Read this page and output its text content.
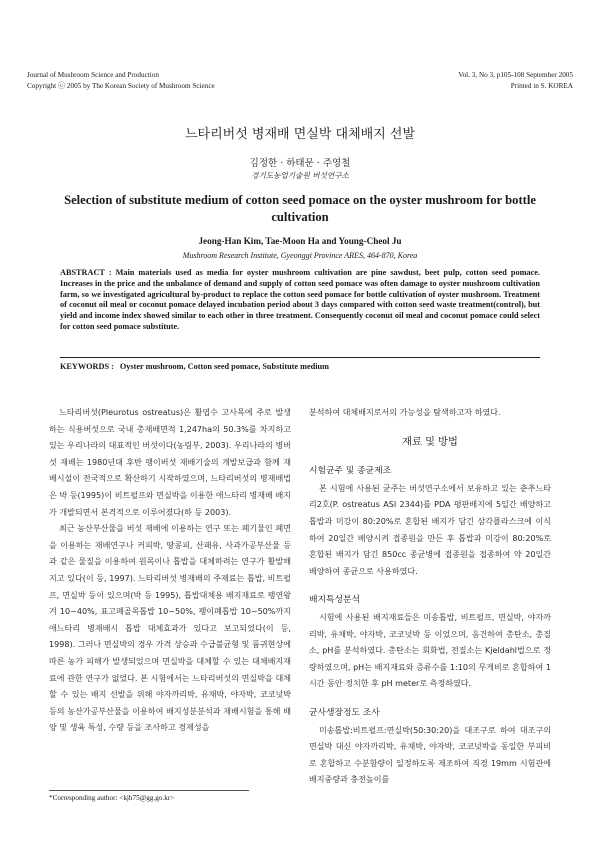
Journal of Mushroom Science and Production
Copyright ⓒ 2005 by The Korean Society of Mushroom Science
Vol. 3, No 3, p105-108 September 2005
Printed in S. KOREA
느타리버섯 병재배 면실박 대체배지 선발
김정한 · 하태문 · 주영철
경기도농업기술원 버섯연구소
Selection of substitute medium of cotton seed pomace on the oyster mushroom for bottle cultivation
Jeong-Han Kim, Tae-Moon Ha and Young-Cheol Ju
Mushroom Research Institute, Gyeonggi Province ARES, 464-870, Korea
ABSTRACT : Main materials used as media for oyster mushroom cultivation are pine sawdust, beet pulp, cotton seed pomace. Increases in the price and the unbalance of demand and supply of cotton seed pomace was often damage to oyster mushroom cultivation farm, so we investigated agricultural by-product to replace the cotton seed pomace for bottle cultivation of oyster mushroom. Treatment of coconut oil meal or coconut pomace delayed incubation period about 3 days compared with cotton seed waste treatment(control), but yield and income index showed similar to each other in three treatment. Consequently coconut oil meal and coconut pomace could select for cotton seed pomace substitute.
KEYWORDS : Oyster mushroom, Cotton seed pomace, Substitute medium

느타리버섯(Pleurotus ostreatus)은 활엽수 고사목에 주로 발생하는 식용버섯으로 국내 총재배면적 1,247ha의 50.3%를 차지하고 있는 우리나라의 대표적인 버섯이다(농림부, 2003). 우리나라의 병버섯 재배는 1980년대 후반 팽이버섯 재배기술의 개발보급과 함께 재배시설이 전국적으로 확산하기 시작하였으며, 느타리버섯의 병재배법은 박 등(1995)이 비트펄프와 면실박을 이용한 애느타리 병재배 배지가 개발되면서 본격적으로 이루어졌다(하 등 2003).

최근 농산부산물을 버섯 재배에 이용하는 연구 또는 폐기물인 폐면을 이용하는 재배연구나 커피박, 땅콩피, 산패유, 사과가공부산물 등과 같은 물질을 이용하여 원목이나 톱밥을 대체하려는 연구가 활발해지고 있다(이 등, 1997). 느타리버섯 병재배의 주재료는 톱밥, 비트펄프, 면실박 등이 있으며(박 등 1995), 톱밥대체용 배지재료로 팽연왕겨 10~40%, 표고폐골목톱밥 10~50%, 팽이폐톱밥 10~50%까지 애느타리 병재배시 톱밥 대체효과가 있다고 보고되었다(이 등, 1998). 그러나 면실박의 경우 가격 상승과 수급불균형 및 품귀현상에 따른 농가 피해가 발생되었으며 면실박을 대체할 수 있는 대체배지재료에 관한 연구가 없었다. 본 시험에서는 느타리버섯의 면실박을 대체할 수 있는 배지 선발을 위해 야자까리박, 유채박, 야자박, 코코넛박 등의 농산가공부산물을 이용하여 배지성분분석과 재배시험을 통해 배양 및 생육 특성, 수량 등을 조사하고 경제성을

분석하여 대체배지로서의 가능성을 탐색하고자 하였다.

재료 및 방법
시험균주 및 종균제조

본 시험에 사용된 균주는 버섯연구소에서 보유하고 있는 춘추느타리2호(P. ostreatus ASI 2344)를 PDA 평판배지에 5일간 배양하고 톱밥과 미강이 80:20%로 혼합된 배지가 담긴 삼각플라스크에 이식하여 20일간 배양시켜 접종원을 만든 후 톱밥과 미강이 80:20%로 혼합된 배지가 담긴 850cc 종균병에 접종원을 접종하여 약 20일간 배양하여 종균으로 사용하였다.

배지특성분석

시험에 사용된 배지재료들은 미송톱밥, 비트펄프, 면실박, 야자까리박, 유채박, 야자박, 코코넛박 등 이었으며, 음건하여 총탄소, 총질소, pH를 분석하였다. 총탄소는 회화법, 전질소는 Kjeldahl법으로 정량하였으며, pH는 배지재료와 증류수를 1:10의 무게비로 혼합하여 1시간 동안 정치한 후 pH meter로 측정하였다.

균사생장정도 조사

미송톱밥:비트펄프:면실박(50:30:20)을 대조구로 하여 대조구의 면실박 대신 야자까리박, 유채박, 야자박, 코코넛박을 동일한 부피비로 혼합하고 수분함량이 일정하도록 제조하여 직경 19mm 시험관에 배지중량과 충전높이를

*Corresponding author: <kjh75@gg.go.kr>
